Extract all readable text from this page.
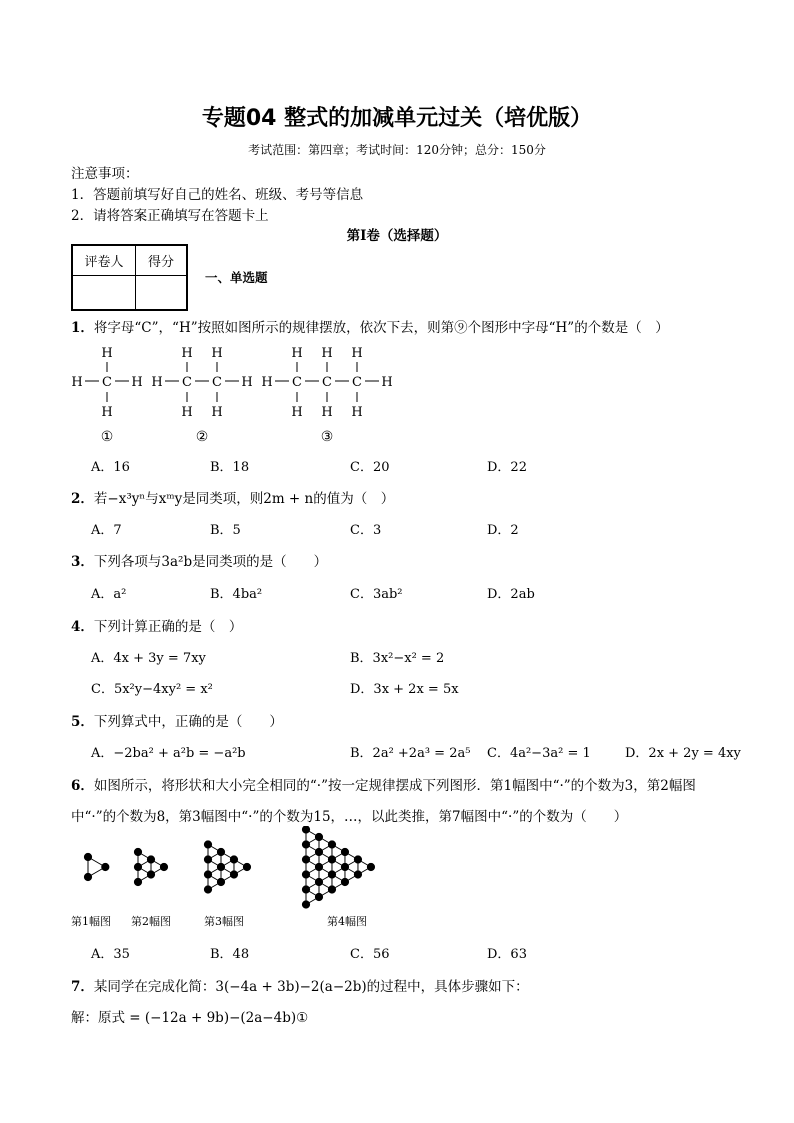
专题04 整式的加减单元过关（培优版）
考试范围：第四章；考试时间：120分钟；总分：150分
注意事项：
1．答题前填写好自己的姓名、班级、考号等信息
2．请将答案正确填写在答题卡上
第I卷（选择题）
评卷人	得分

一、单选题
1．将字母“C”，“H”按照如图所示的规律摆放，依次下去，则第⑨个图形中字母“H”的个数是（　）
H
H C H
H
H H
H C C H
H H
H H H
H C C C H
H H H
①	②	③
A．16	B．18	C．20	D．22
2．若−x³yⁿ与xᵐy是同类项，则2m + n的值为（　）
A．7	B．5	C．3	D．2
3．下列各项与3a²b是同类项的是（　　）
A．a²	B．4ba²	C．3ab²	D．2ab
4．下列计算正确的是（　）
A．4x + 3y = 7xy	B．3x²−x² = 2
C．5x²y−4xy² = x²	D．3x + 2x = 5x
5．下列算式中，正确的是（　　）
A．−2ba² + a²b = −a²b	B．2a² +2a³ = 2a⁵ C．4a²−3a² = 1	D．2x + 2y = 4xy
6．如图所示，将形状和大小完全相同的“·”按一定规律摆成下列图形．第1幅图中“·”的个数为3，第2幅图
中“·”的个数为8，第3幅图中“·”的个数为15，…，以此类推，第7幅图中“·”的个数为（　　）
第1幅图 第2幅图	第3幅图	第4幅图
A．35	B．48	C．56	D．63
7．某同学在完成化简：3(−4a + 3b)−2(a−2b)的过程中，具体步骤如下：
解：原式 = (−12a + 9b)−(2a−4b)①
